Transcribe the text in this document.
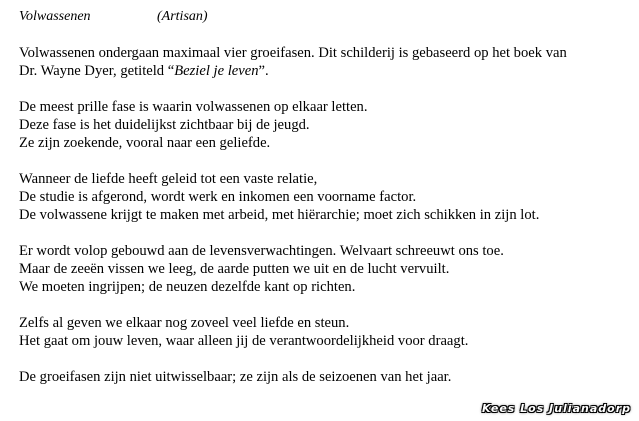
Volwassenen	(Artisan)
Volwassenen ondergaan maximaal vier groeifasen. Dit schilderij is gebaseerd op het boek van
Dr. Wayne Dyer, getiteld “Beziel je leven”.
De meest prille fase is waarin volwassenen op elkaar letten.
Deze fase is het duidelijkst zichtbaar bij de jeugd.
Ze zijn zoekende, vooral naar een geliefde.
Wanneer de liefde heeft geleid tot een vaste relatie,
De studie is afgerond, wordt werk en inkomen een voorname factor.
De volwassene krijgt te maken met arbeid, met hiërarchie; moet zich schikken in zijn lot.
Er wordt volop gebouwd aan de levensverwachtingen. Welvaart schreeuwt ons toe.
Maar de zeeën vissen we leeg, de aarde putten we uit en de lucht vervuilt.
We moeten ingrijpen; de neuzen dezelfde kant op richten.
Zelfs al geven we elkaar nog zoveel veel liefde en steun.
Het gaat om jouw leven, waar alleen jij de verantwoordelijkheid voor draagt.
De groeifasen zijn niet uitwisselbaar; ze zijn als de seizoenen van het jaar.
Kees Los Julianadorp
